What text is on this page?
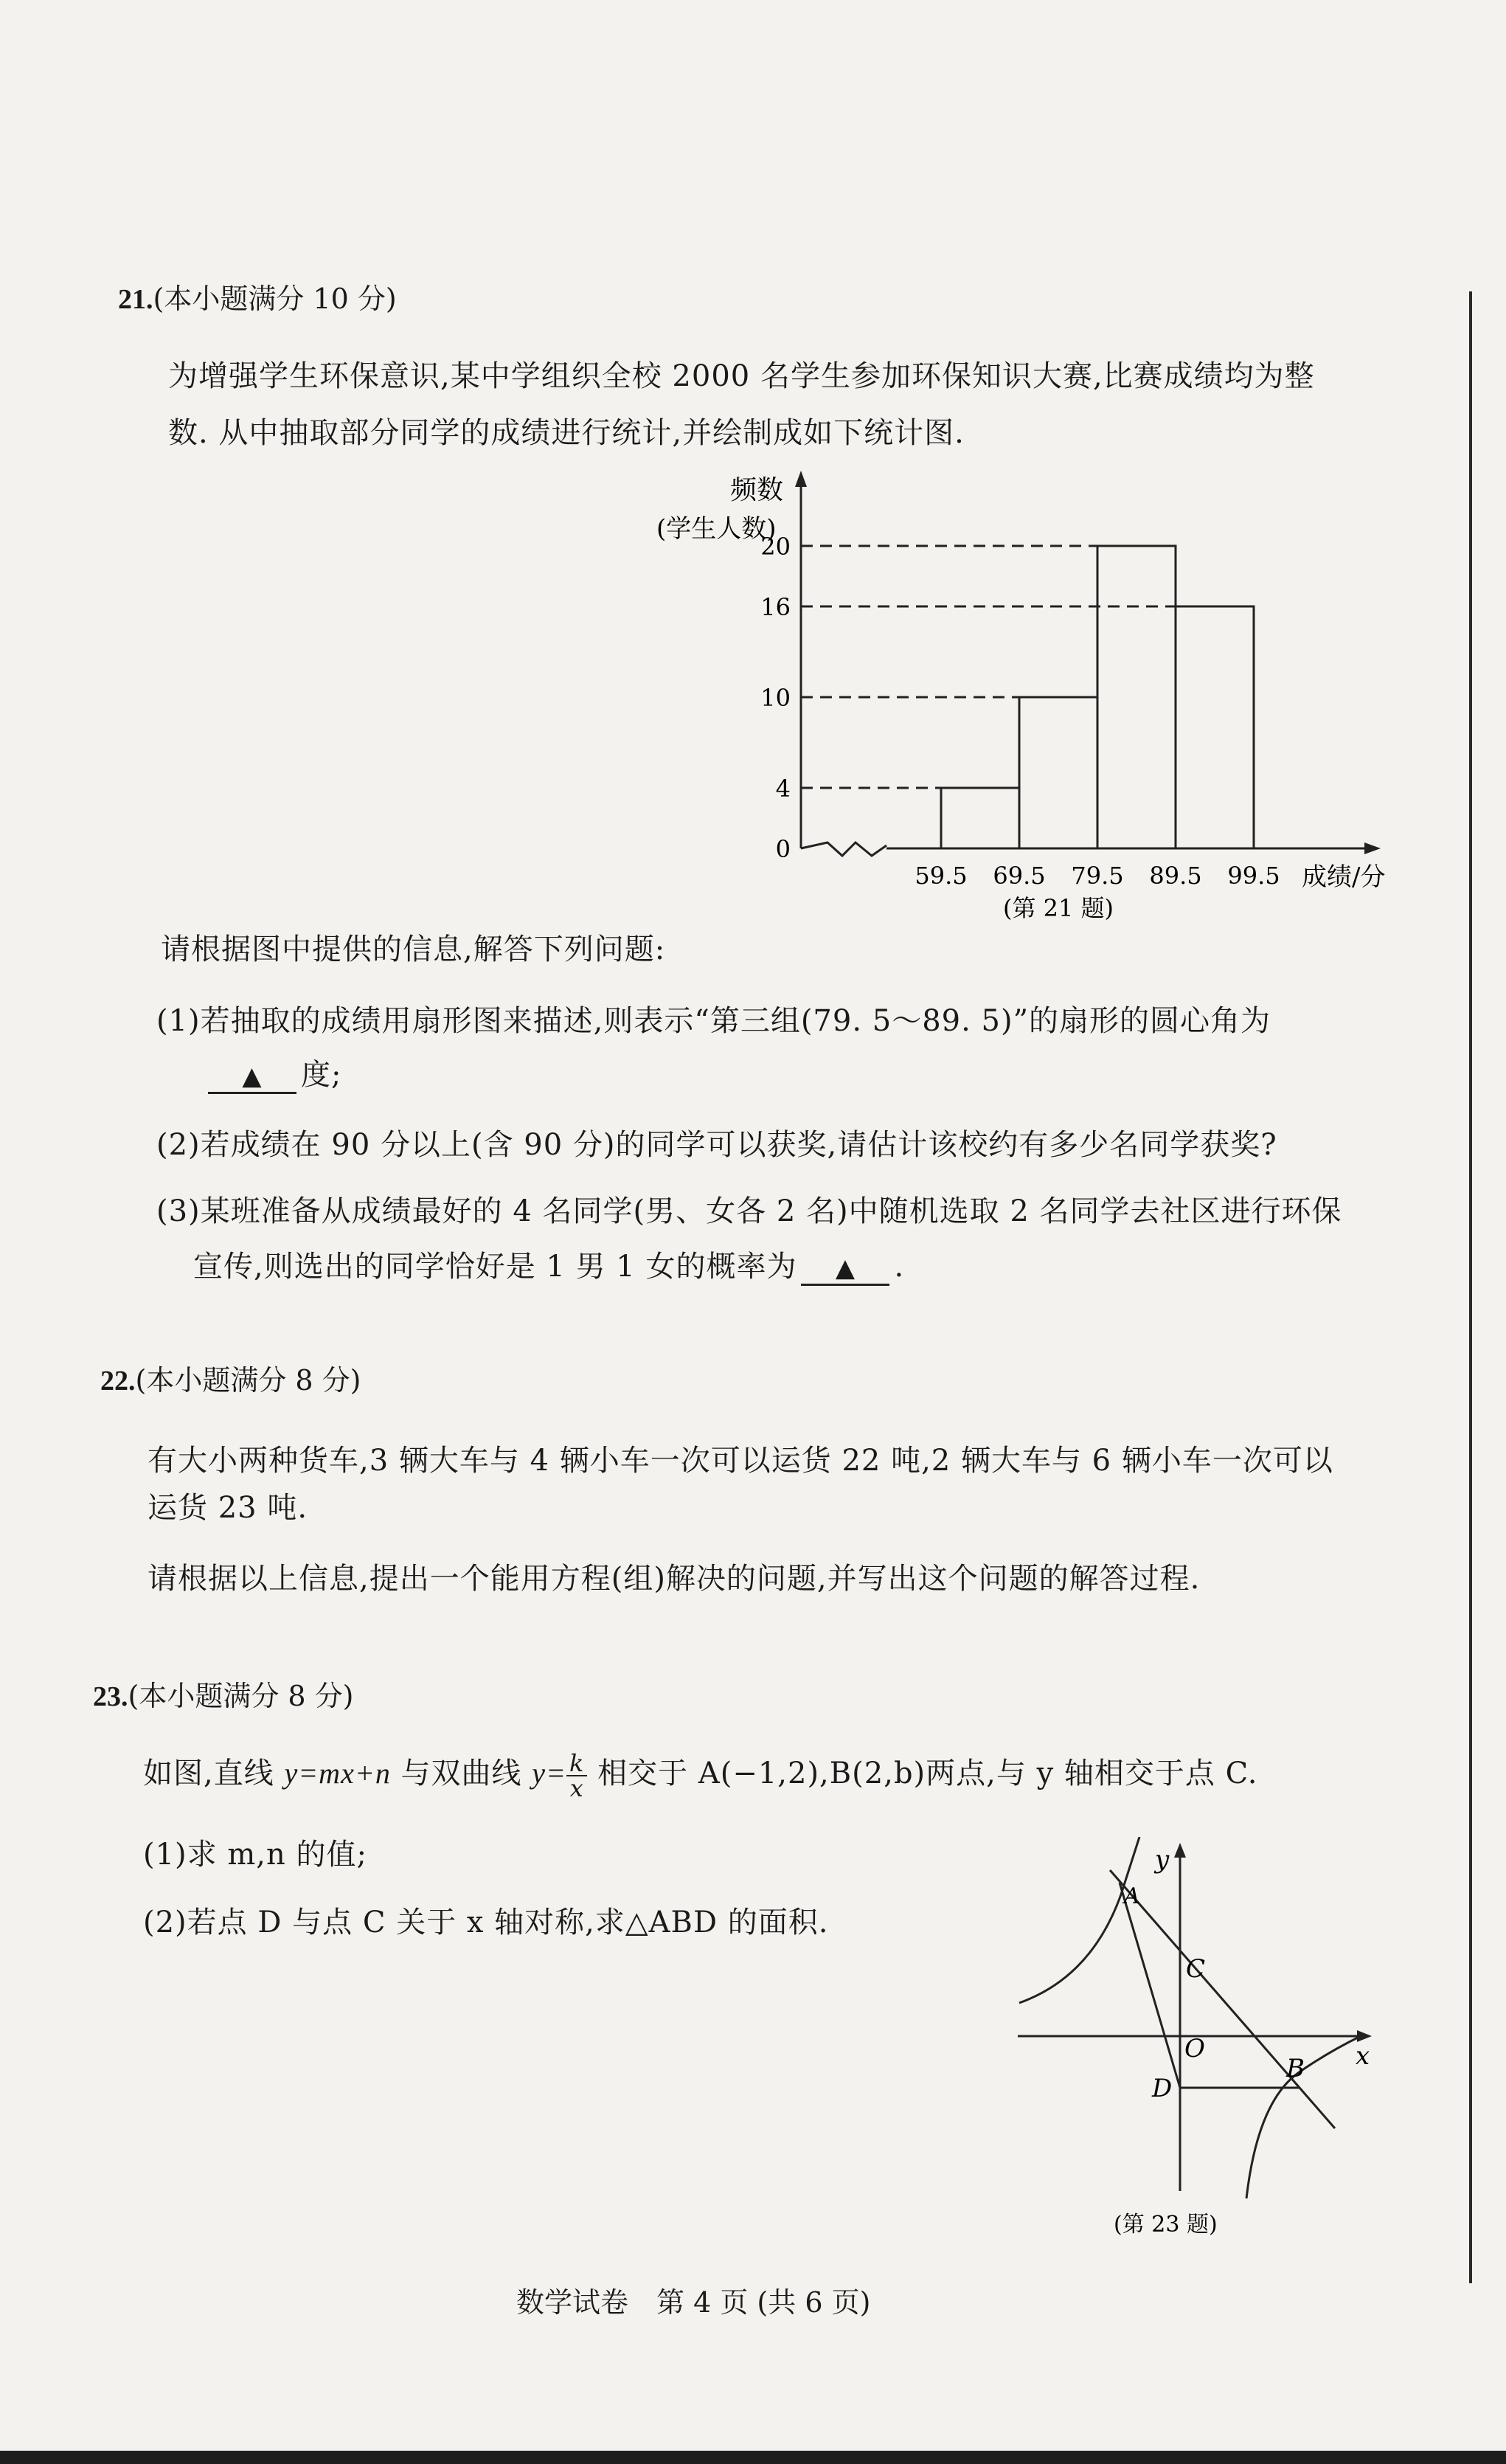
21.(本小题满分 10 分)
为增强学生环保意识,某中学组织全校 2000 名学生参加环保知识大赛,比赛成绩均为整
数. 从中抽取部分同学的成绩进行统计,并绘制成如下统计图.
0
4
10
16
20
59.5 69.5 79.5 89.5 99.5
频数
(学生人数)
成绩/分
(第 21 题)
请根据图中提供的信息,解答下列问题:
(1)若抽取的成绩用扇形图来描述,则表示“第三组(79. 5～89. 5)”的扇形的圆心角为
▲ 度;
(2)若成绩在 90 分以上(含 90 分)的同学可以获奖,请估计该校约有多少名同学获奖?
(3)某班准备从成绩最好的 4 名同学(男、女各 2 名)中随机选取 2 名同学去社区进行环保
宣传,则选出的同学恰好是 1 男 1 女的概率为 ▲ .
22.(本小题满分 8 分)
有大小两种货车,3 辆大车与 4 辆小车一次可以运货 22 吨,2 辆大车与 6 辆小车一次可以
运货 23 吨.
请根据以上信息,提出一个能用方程(组)解决的问题,并写出这个问题的解答过程.
23.(本小题满分 8 分)
如图,直线 y=mx+n 与双曲线 $y= \frac{k}{x}$ 相交于 A(−1,2),B(2,b)两点,与 y 轴相交于点 C.
(1)求 m,n 的值;
(2)若点 D 与点 C 关于 x 轴对称,求△ABD 的面积.
y
x
A
C
O
D
B
(第 23 题)
数学试卷　第 4 页 (共 6 页)
